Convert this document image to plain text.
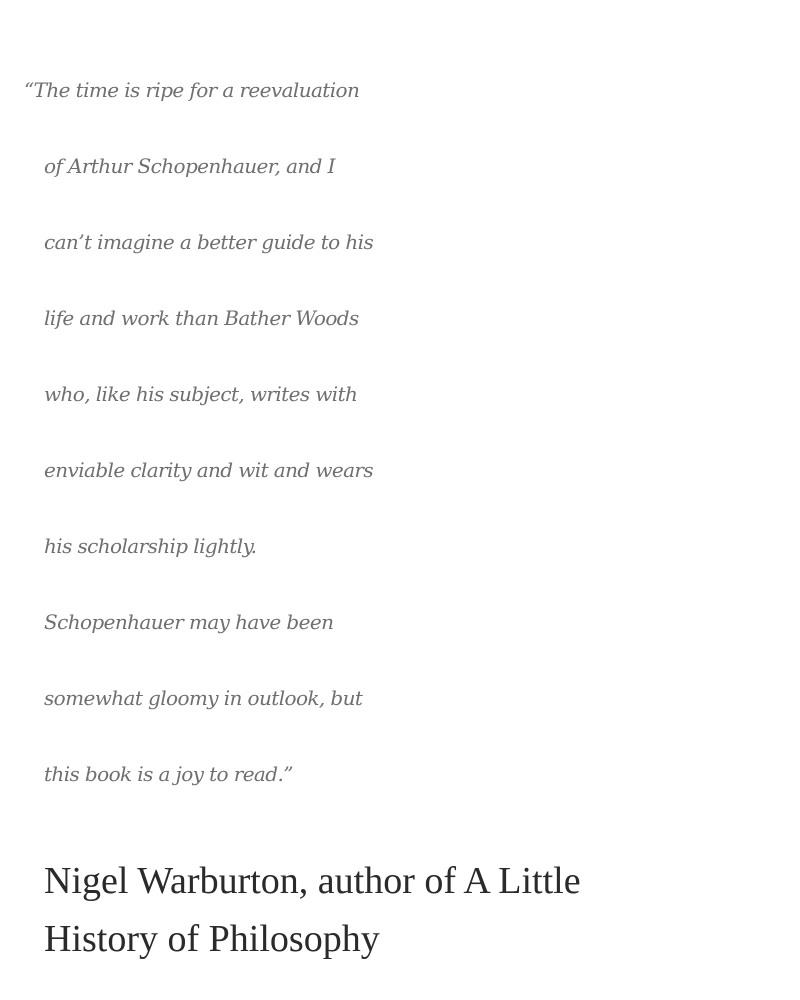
“The time is ripe for a reevaluation

of Arthur Schopenhauer, and I

can’t imagine a better guide to his

life and work than Bather Woods

who, like his subject, writes with

enviable clarity and wit and wears

his scholarship lightly.

Schopenhauer may have been

somewhat gloomy in outlook, but

this book is a joy to read.”

Nigel Warburton, author of A Little

History of Philosophy
